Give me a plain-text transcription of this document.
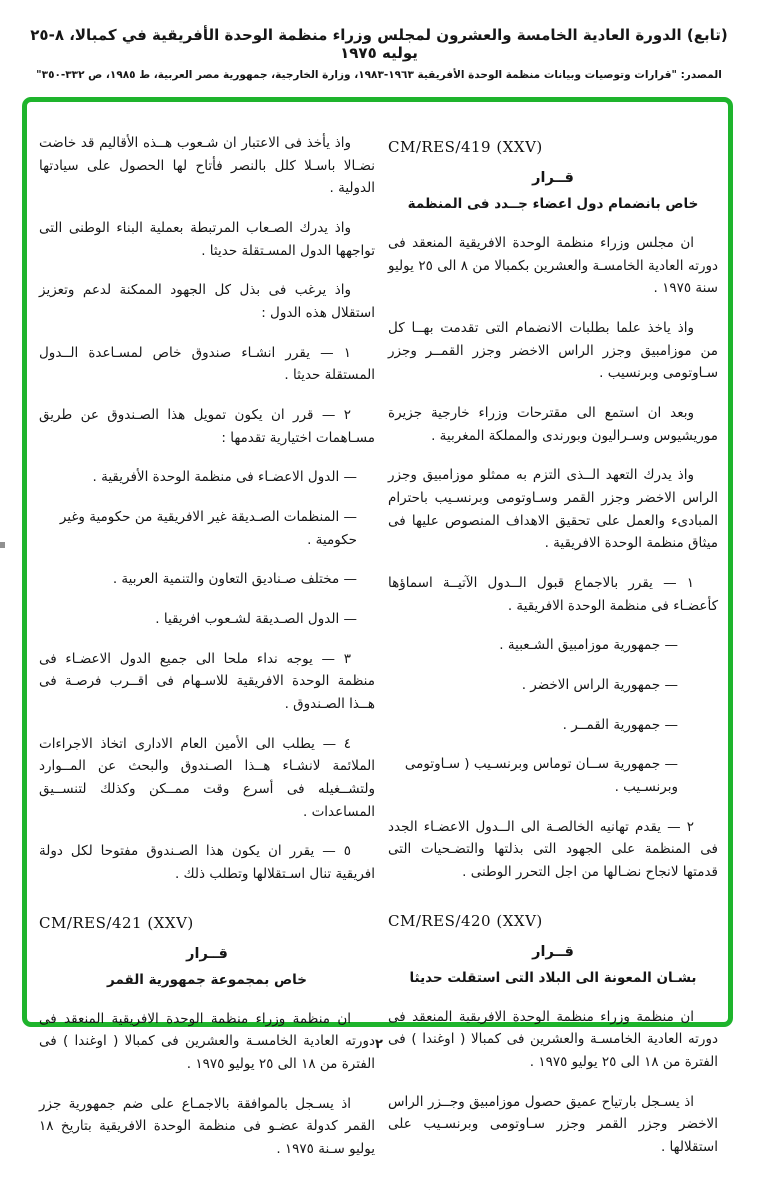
(تابع) الدورة العادية الخامسة والعشرون لمجلس وزراء منظمة الوحدة الأفريقية في كمبالا، ٨-٢٥ يوليه ١٩٧٥
المصدر: "قرارات وتوصيات وبيانات منظمة الوحدة الأفريقية ١٩٦٣-١٩٨٣، وزارة الخارجية، جمهورية مصر العربية، ط ١٩٨٥، ص ٣٣٢-٣٥٠"
CM/RES/419 (XXV)
قــرار
خاص بانضمام دول اعضاء جــدد فى المنظمة

ان مجلس وزراء منظمة الوحدة الافريقية المنعقد فى دورته العادية الخامسـة والعشرين بكمبالا من ٨ الى ٢٥ يوليو سنة ١٩٧٥ .

واذ ياخذ علما بطلبات الانضمام التى تقدمت بهــا كل من موزامبيق وجزر الراس الاخضر وجزر القمــر وجزر سـاوتومى وبرنسيب .

وبعد ان استمع الى مقترحات وزراء خارجية جزيرة موريشيوس وسـراليون وبورندى والمملكة المغربية .

واذ يدرك التعهد الــذى التزم به ممثلو موزامبيق وجزر الراس الاخضر وجزر القمر وسـاوتومى وبرنسـيب باحترام المبادىء والعمل على تحقيق الاهداف المنصوص عليها فى ميثاق منظمة الوحدة الافريقية .

١ — يقرر بالاجماع قبول الــدول الآتيــة اسماؤها كأعضـاء فى منظمة الوحدة الافريقية .

— جمهورية موزامبيق الشـعبية .

— جمهورية الراس الاخضر .

— جمهورية القمــر .

— جمهورية ســان توماس وبرنسـيب ( سـاوتومى وبرنسـيب .

٢ — يقدم تهانيه الخالصـة الى الــدول الاعضـاء الجدد فى المنظمة على الجهود التى بذلتها والتضـحيات التى قدمتها لانجاح نضـالها من اجل التحرر الوطنى .

CM/RES/420 (XXV)
قــرار
بشـان المعونة الى البلاد التى استقلت حديثا

ان منظمة وزراء منظمة الوحدة الافريقية المنعقد فى دورته العادية الخامسـة والعشرين فى كمبالا ( اوغندا ) فى الفترة من ١٨ الى ٢٥ يوليو ١٩٧٥ .

اذ يسـجل بارتياح عميق حصول موزامبيق وجــزر الراس الاخضر وجزر القمر وجزر سـاوتومى وبرنسـيب على استقلالها .

واذ يأخذ فى الاعتبار ان شـعوب هــذه الأقاليم قد خاضت نضـالا باسـلا كلل بالنصر فأتاح لها الحصول على سيادتها الدولية .

واذ يدرك الصـعاب المرتبطة بعملية البناء الوطنى التى تواجهها الدول المسـتقلة حديثا .

واذ يرغب فى بذل كل الجهود الممكنة لدعم وتعزيز استقلال هذه الدول :

١ — يقرر انشـاء صندوق خاص لمسـاعدة الــدول المستقلة حديثا .

٢ — قرر ان يكون تمويل هذا الصـندوق عن طريق مسـاهمات اختيارية تقدمها :

— الدول الاعضـاء فى منظمة الوحدة الأفريقية .

— المنظمات الصـديقة غير الافريقية من حكومية وغير حكومية .

— مختلف صـناديق التعاون والتنمية العربية .

— الدول الصـديقة لشـعوب افريقيا .

٣ — يوجه نداء ملحا الى جميع الدول الاعضـاء فى منظمة الوحدة الافريقية للاسـهام فى اقــرب فرصـة فى هــذا الصـندوق .

٤ — يطلب الى الأمين العام الادارى اتخاذ الاجراءات الملائمة لانشـاء هــذا الصـندوق والبحث عن المــوارد ولتشــغيله فى أسرع وقت ممــكن وكذلك لتنســيق المساعدات .

٥ — يقرر ان يكون هذا الصـندوق مفتوحا لكل دولة افريقية تنال اسـتقلالها وتطلب ذلك .

CM/RES/421 (XXV)
قــرار
خاص بمجموعة جمهورية القمر

ان منظمة وزراء منظمة الوحدة الافريقية المنعقد فى دورته العادية الخامسـة والعشرين فى كمبالا ( اوغندا ) فى الفترة من ١٨ الى ٢٥ يوليو ١٩٧٥ .

اذ يسـجل بالموافقة بالاجمـاع على ضم جمهورية جزر القمر كدولة عضـو فى منظمة الوحدة الافريقية بتاريخ ١٨ يوليو سـنة ١٩٧٥ .

٢
